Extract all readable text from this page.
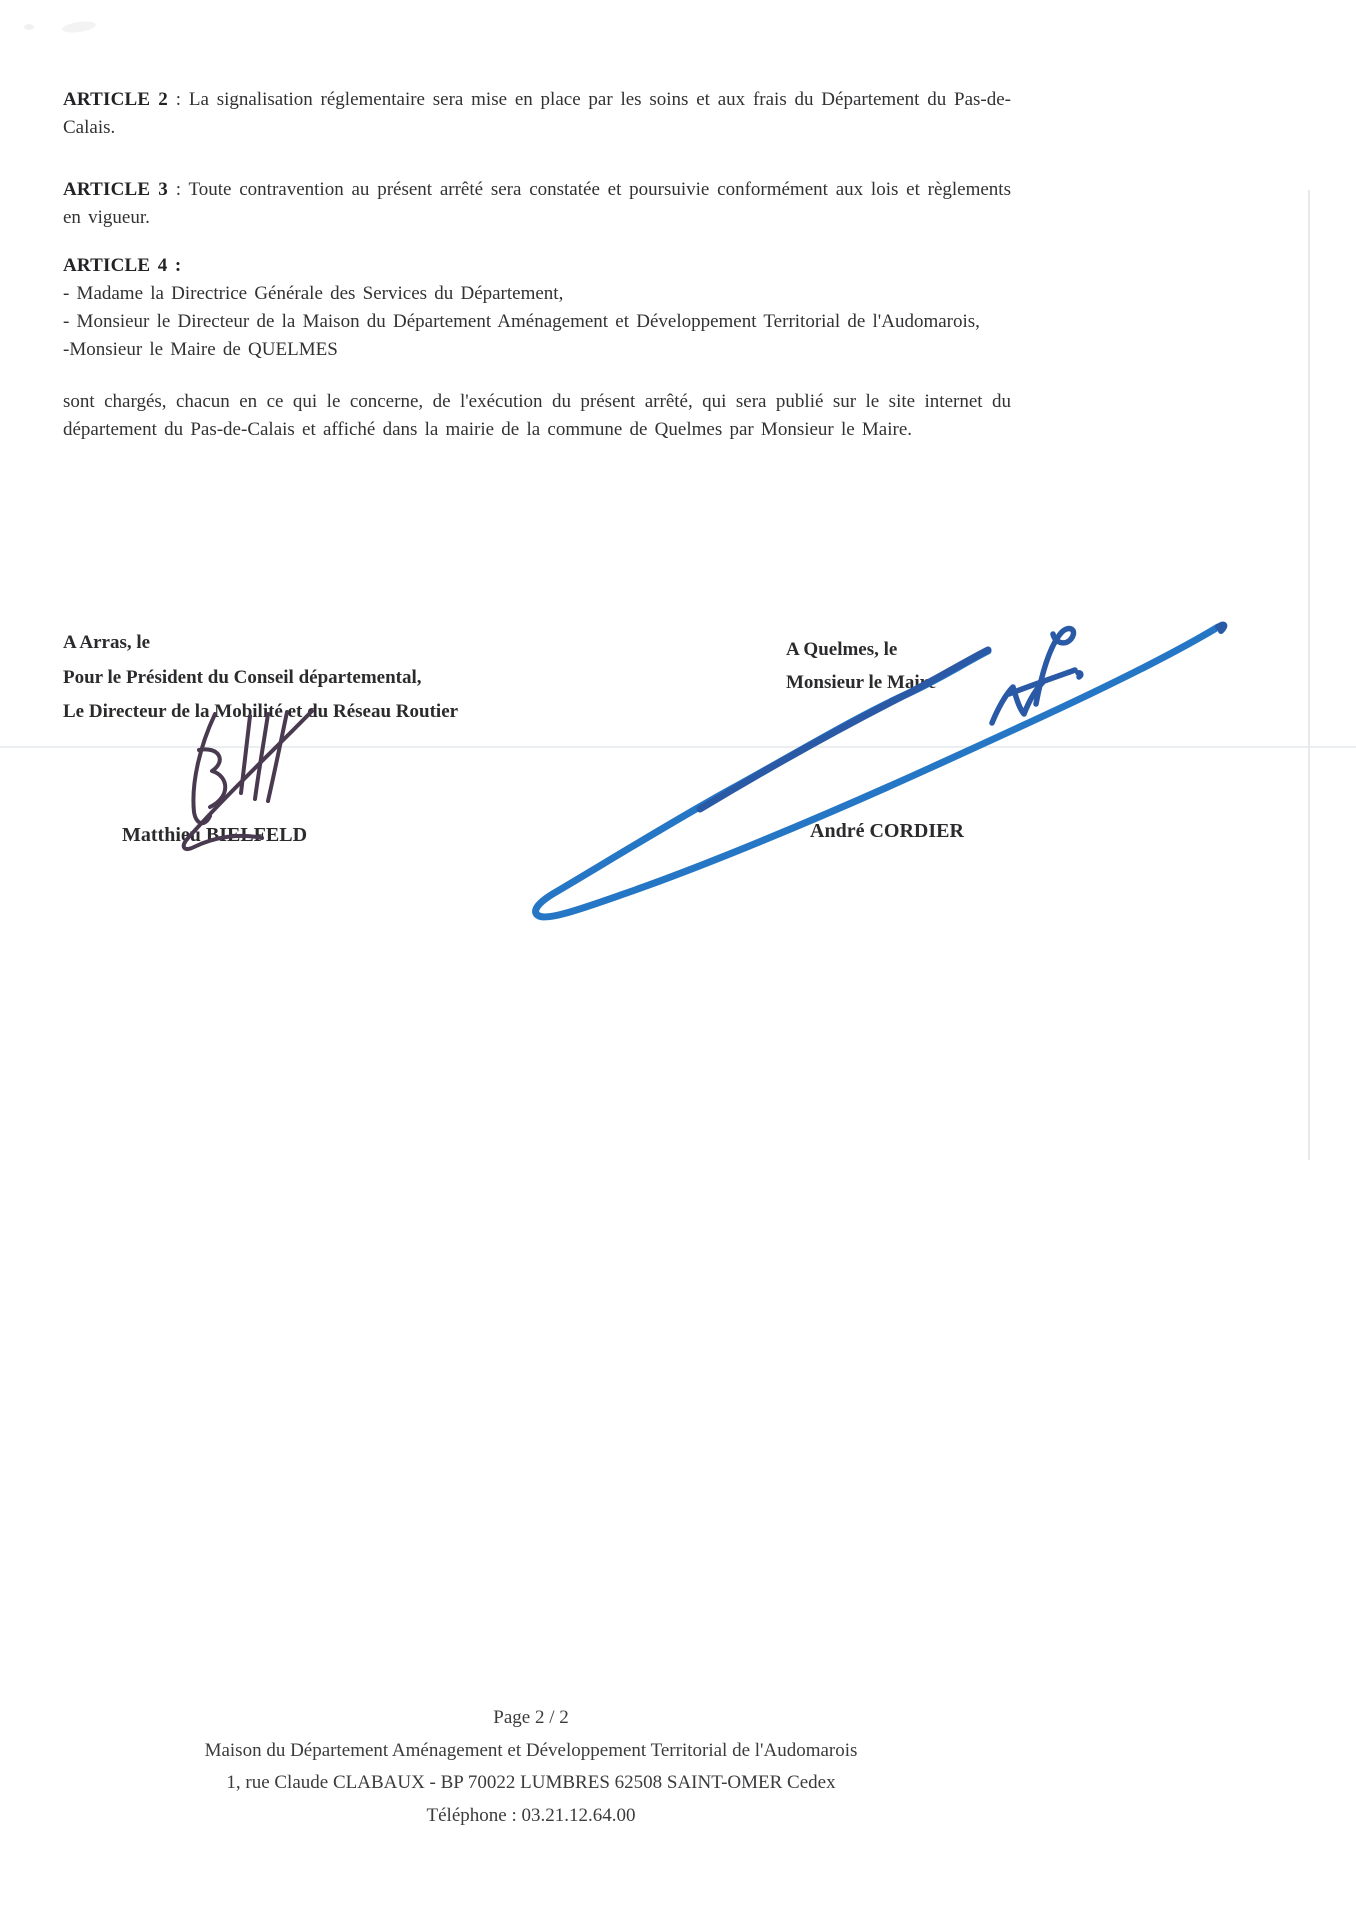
ARTICLE 2 : La signalisation réglementaire sera mise en place par les soins et aux frais du Département du Pas-de-Calais.

ARTICLE 3 : Toute contravention au présent arrêté sera constatée et poursuivie conformément aux lois et règlements en vigueur.

ARTICLE 4 :

- Madame la Directrice Générale des Services du Département,

- Monsieur le Directeur de la Maison du Département Aménagement et Développement Territorial de l'Audomarois,

-Monsieur le Maire de QUELMES

sont chargés, chacun en ce qui le concerne, de l'exécution du présent arrêté, qui sera publié sur le site internet du département du Pas-de-Calais et affiché dans la mairie de la commune de Quelmes par Monsieur le Maire.

A Arras, le
Pour le Président du Conseil départemental,
Le Directeur de la Mobilité et du Réseau Routier
Matthieu BIELFELD
A Quelmes, le
Monsieur le Maire
André CORDIER
Page 2 / 2
Maison du Département Aménagement et Développement Territorial de l'Audomarois
1, rue Claude CLABAUX - BP 70022 LUMBRES 62508 SAINT-OMER Cedex
Téléphone : 03.21.12.64.00
